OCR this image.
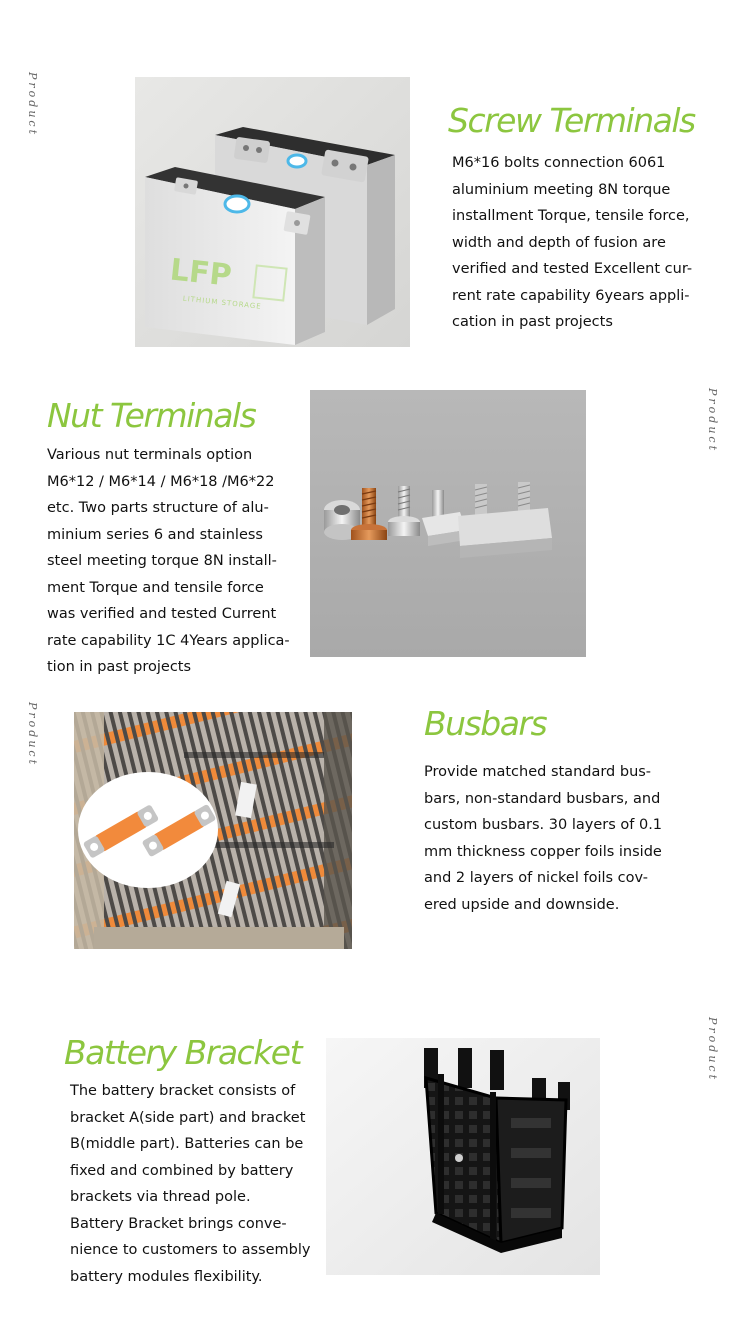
Product
Product
Product
Product
LFP
LITHIUM STORAGE
Screw Terminals
M6*16 bolts connection 6061
aluminium meeting 8N torque
installment Torque, tensile force,
width and depth of fusion are
verified and tested Excellent cur-
rent rate capability 6years appli-
cation in past projects
Nut Terminals
Various nut terminals option
M6*12 / M6*14 / M6*18 /M6*22
etc. Two parts structure of alu-
minium series 6 and stainless
steel meeting torque 8N install-
ment Torque and tensile force
was verified and tested Current
rate capability 1C 4Years applica-
tion in past projects
Busbars
Provide matched standard bus-
bars, non-standard busbars, and
custom busbars. 30 layers of 0.1
mm thickness copper foils inside
and 2 layers of nickel foils cov-
ered upside and downside.
Battery Bracket
The battery bracket consists of
bracket A(side part) and bracket
B(middle part). Batteries can be
fixed and combined by battery
brackets via thread pole.
Battery Bracket brings conve-
nience to customers to assembly
battery modules flexibility.
